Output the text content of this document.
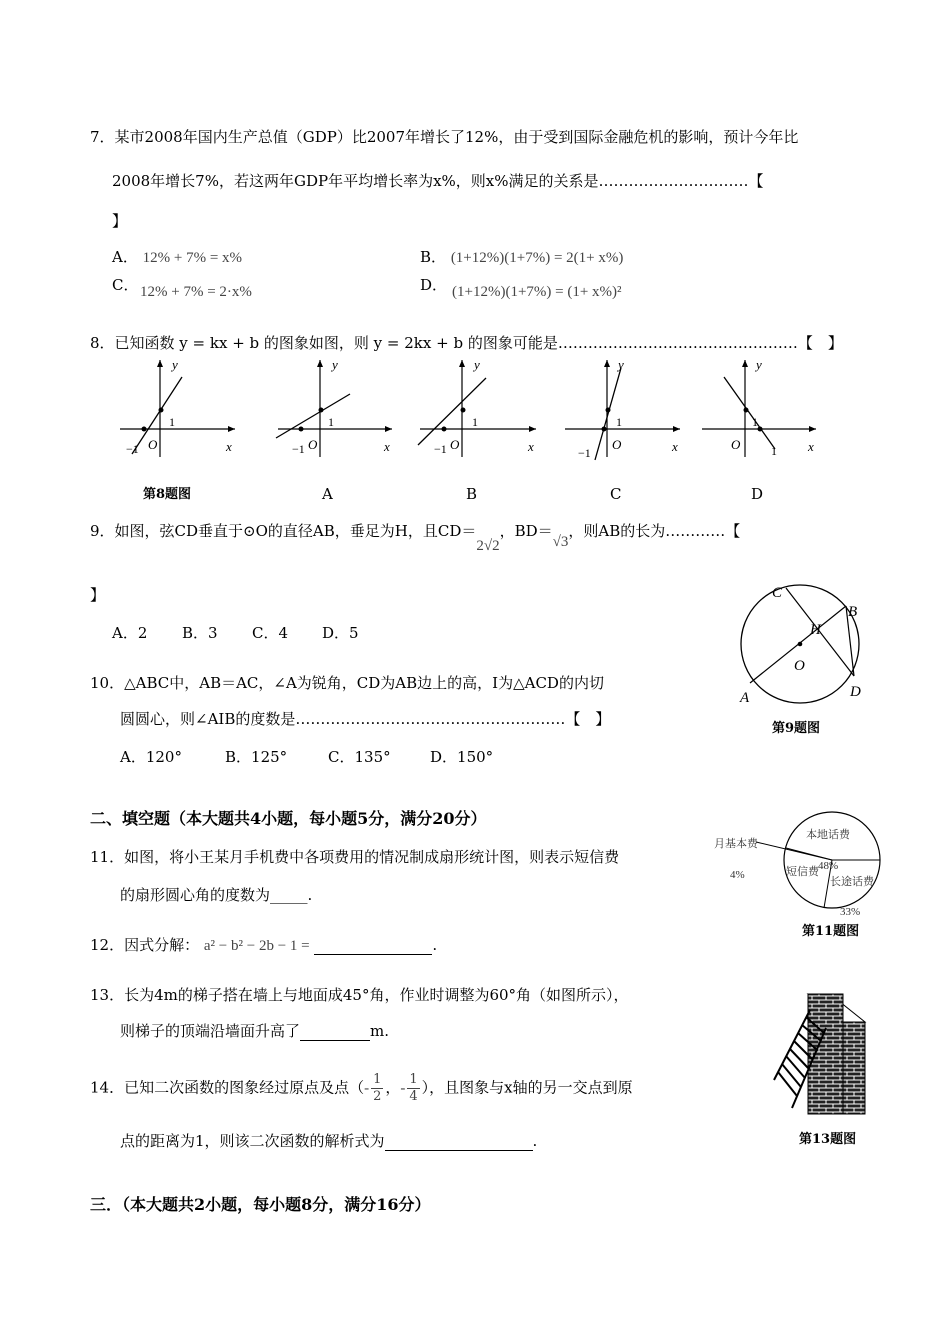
7．某市2008年国内生产总值（GDP）比2007年增长了12%，由于受到国际金融危机的影响，预计今年比
2008年增长7%，若这两年GDP年平均增长率为x%，则x%满足的关系是…………………………【
】
A． 12% + 7% = x%	B． (1+12%)(1+7%) = 2(1+ x%)
C． 12% + 7% = 2·x%	D． (1+12%)(1+7%) = (1+ x%)²
8．已知函数 y = kx + b 的图象如图，则 y = 2kx + b 的图象可能是…………………………………………【　】
y
x
O
1
−1
y
x
O
1
−1
y
x
O
1
−1
y
x
O
1
−1
y
x
O
1
1
第8题图	A	B	C	D
9．如图，弦CD垂直于⊙O的直径AB，垂足为H，且CD＝2√2，BD＝√3，则AB的长为…………【
】
A．2 B．3 C．4 D．5
C
B
H
O
A	D
第9题图
10．△ABC中，AB＝AC，∠A为锐角，CD为AB边上的高，I为△ACD的内切
圆圆心，则∠AIB的度数是………………………………………………【　】
A．120°	B．125°	C．135°	D．150°
二、填空题（本大题共4小题，每小题5分，满分20分）
11．如图，将小王某月手机费中各项费用的情况制成扇形统计图，则表示短信费
的扇形圆心角的度数为_____.
月基本费
4%
本地话费
48%
短信费
长途话费
33%
第11题图
12．因式分解： a² − b² − 2b − 1 =	.
13．长为4m的梯子搭在墙上与地面成45°角，作业时调整为60°角（如图所示），
则梯子的顶端沿墙面升高了	m.
第13题图
14．已知二次函数的图象经过原点及点（- $\frac{1}{2}$ ，- $\frac{1}{4}$ ），且图象与x轴的另一交点到原
点的距离为1，则该二次函数的解析式为	.
三．（本大题共2小题，每小题8分，满分16分）
